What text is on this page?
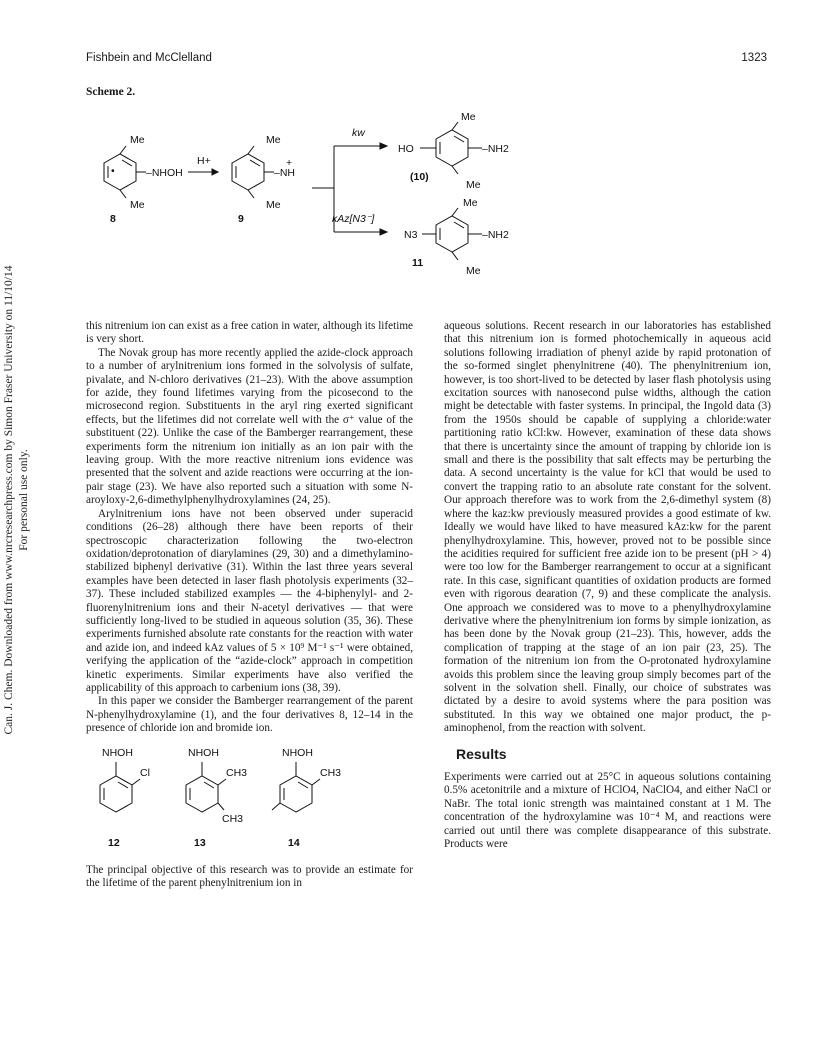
Fishbein and McClelland	1323
Scheme 2.
Me
–NHOH
Me
•
8
H+
Me
+
–NH
Me
9
kw
kAz[N3⁻]
HO
Me
–NH2
Me
(10)
Me
N3	–NH2
Me
11
Can. J. Chem. Downloaded from www.nrcresearchpress.com by Simon Fraser University on 11/10/14 For personal use only.

this nitrenium ion can exist as a free cation in water, although its lifetime is very short.

The Novak group has more recently applied the azide-clock approach to a number of arylnitrenium ions formed in the solvolysis of sulfate, pivalate, and N-chloro derivatives (21–23). With the above assumption for azide, they found lifetimes varying from the picosecond to the microsecond region. Substituents in the aryl ring exerted significant effects, but the lifetimes did not correlate well with the σ⁺ value of the substituent (22). Unlike the case of the Bamberger rearrangement, these experiments form the nitrenium ion initially as an ion pair with the leaving group. With the more reactive nitrenium ions evidence was presented that the solvent and azide reactions were occurring at the ion-pair stage (23). We have also reported such a situation with some N-aroyloxy-2,6-dimethylphenylhydroxylamines (24, 25).

Arylnitrenium ions have not been observed under superacid conditions (26–28) although there have been reports of their spectroscopic characterization following the two-electron oxidation/deprotonation of diarylamines (29, 30) and a dimethylamino-stabilized biphenyl derivative (31). Within the last three years several examples have been detected in laser flash photolysis experiments (32–37). These included stabilized examples — the 4-biphenylyl- and 2-fluorenylnitrenium ions and their N-acetyl derivatives — that were sufficiently long-lived to be studied in aqueous solution (35, 36). These experiments furnished absolute rate constants for the reaction with water and azide ion, and indeed kAz values of 5 × 10⁹ M⁻¹ s⁻¹ were obtained, verifying the application of the “azide-clock” approach in competition kinetic experiments. Similar experiments have also verified the applicability of this approach to carbenium ions (38, 39).

In this paper we consider the Bamberger rearrangement of the parent N-phenylhydroxylamine (1), and the four derivatives 8, 12–14 in the presence of chloride ion and bromide ion.

NHOH
Cl
12
NHOH
CH3
CH3
13
NHOH
CH3
14

The principal objective of this research was to provide an estimate for the lifetime of the parent phenylnitrenium ion in

aqueous solutions. Recent research in our laboratories has established that this nitrenium ion is formed photochemically in aqueous acid solutions following irradiation of phenyl azide by rapid protonation of the so-formed singlet phenylnitrene (40). The phenylnitrenium ion, however, is too short-lived to be detected by laser flash photolysis using excitation sources with nanosecond pulse widths, although the cation might be detectable with faster systems. In principal, the Ingold data (3) from the 1950s should be capable of supplying a chloride:water partitioning ratio kCl:kw. However, examination of these data shows that there is uncertainty since the amount of trapping by chloride ion is small and there is the possibility that salt effects may be perturbing the data. A second uncertainty is the value for kCl that would be used to convert the trapping ratio to an absolute rate constant for the solvent. Our approach therefore was to work from the 2,6-dimethyl system (8) where the kaz:kw previously measured provides a good estimate of kw. Ideally we would have liked to have measured kAz:kw for the parent phenylhydroxylamine. This, however, proved not to be possible since the acidities required for sufficient free azide ion to be present (pH > 4) were too low for the Bamberger rearrangement to occur at a significant rate. In this case, significant quantities of oxidation products are formed even with rigorous dearation (7, 9) and these complicate the analysis. One approach we considered was to move to a phenylhydroxylamine derivative where the phenylnitrenium ion forms by simple ionization, as has been done by the Novak group (21–23). This, however, adds the complication of trapping at the stage of an ion pair (23, 25). The formation of the nitrenium ion from the O-protonated hydroxylamine avoids this problem since the leaving group simply becomes part of the solvent in the solvation shell. Finally, our choice of substrates was dictated by a desire to avoid systems where the para position was substituted. In this way we obtained one major product, the p-aminophenol, from the reaction with solvent.

Results

Experiments were carried out at 25°C in aqueous solutions containing 0.5% acetonitrile and a mixture of HClO4, NaClO4, and either NaCl or NaBr. The total ionic strength was maintained constant at 1 M. The concentration of the hydroxylamine was 10⁻⁴ M, and reactions were carried out until there was complete disappearance of this substrate. Products were
